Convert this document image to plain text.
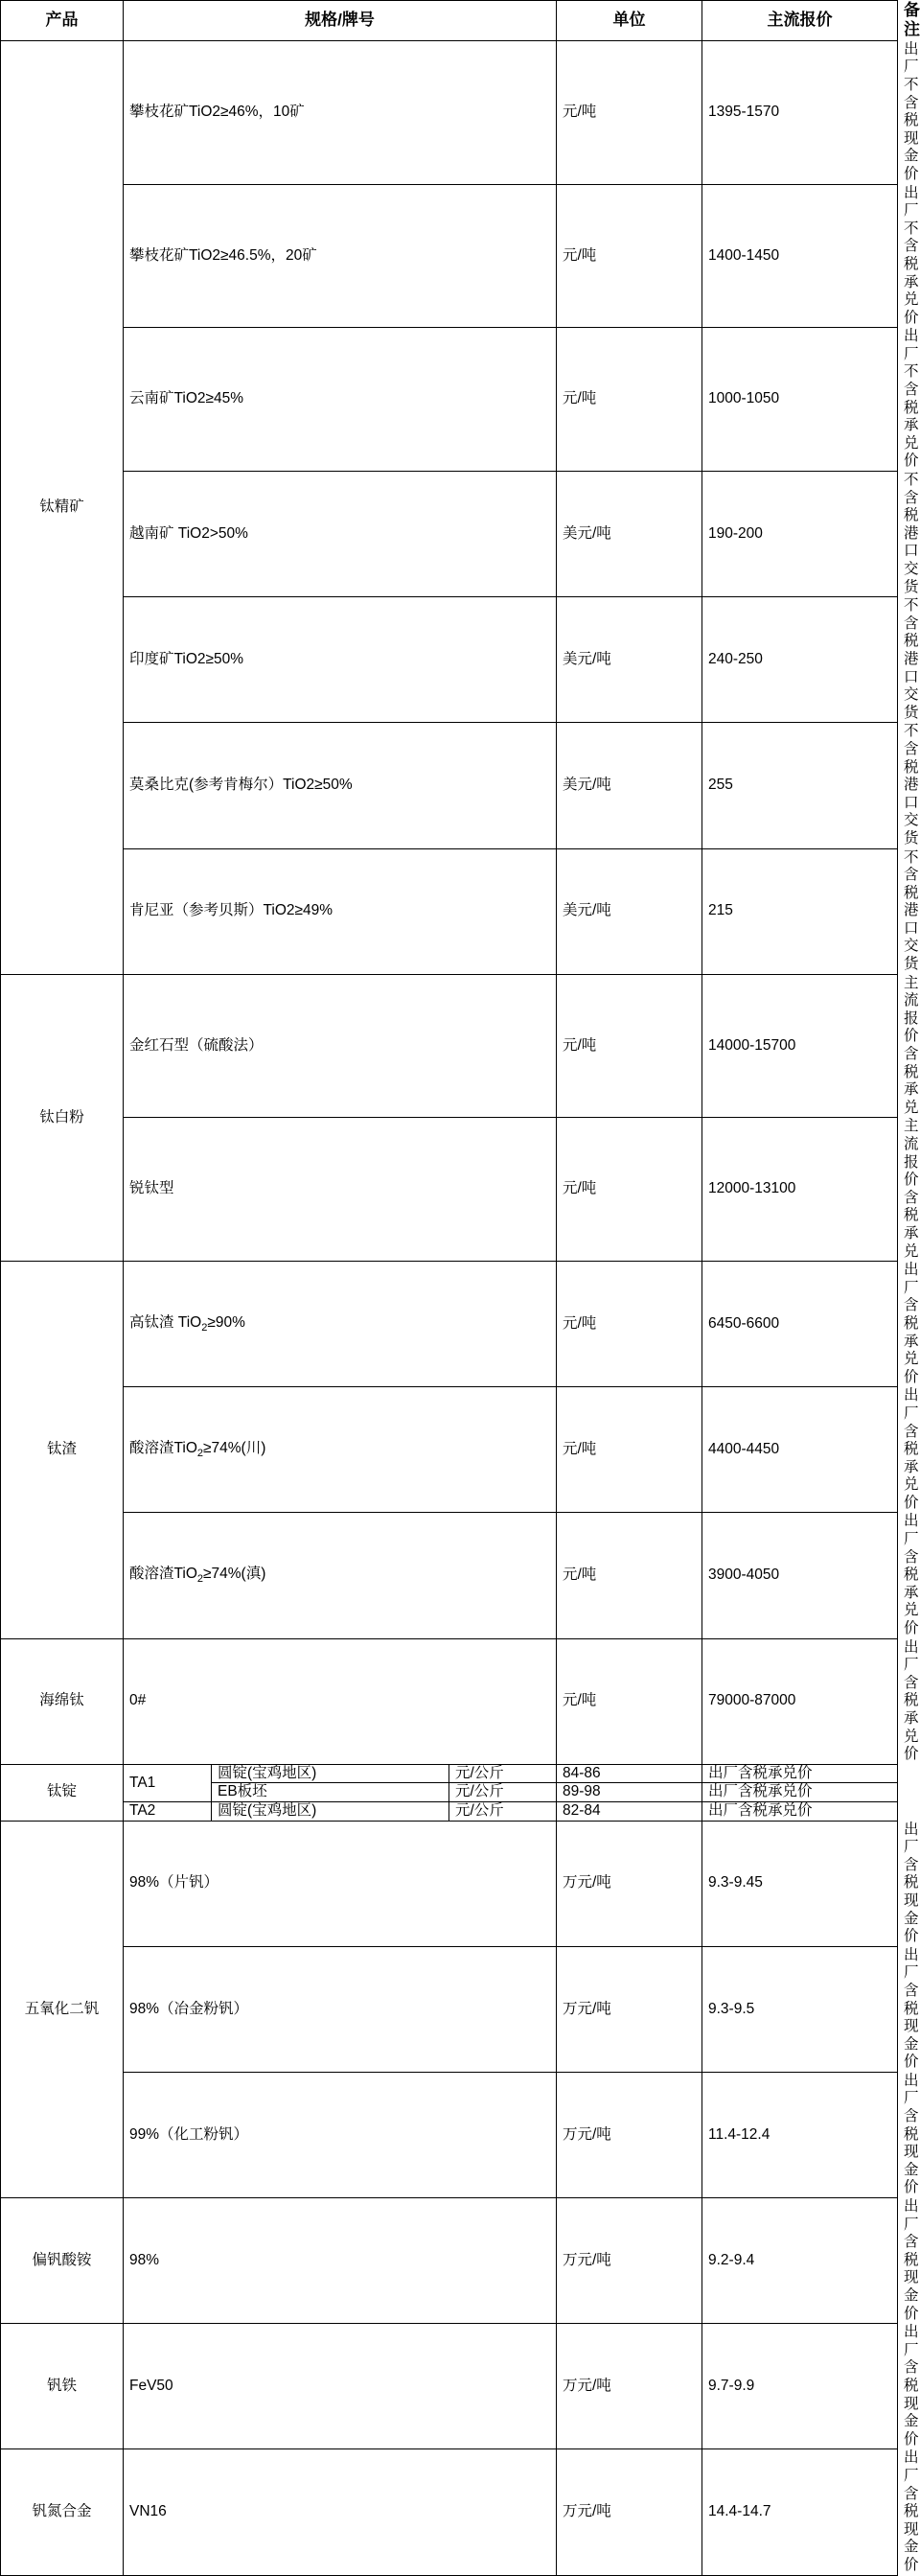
产品	规格/牌号			单位	主流报价	备注
钛精矿	攀枝花矿TiO2≥46%，10矿			元/吨	1395-1570	出厂不含税现金价
	攀枝花矿TiO2≥46.5%，20矿			元/吨	1400-1450	出厂不含税承兑价
	云南矿TiO2≥45%			元/吨	1000-1050	出厂不含税承兑价
	越南矿 TiO2>50%			美元/吨	190-200	不含税港口交货
	印度矿TiO2≥50%			美元/吨	240-250	不含税港口交货
	莫桑比克(参考肯梅尔）TiO2≥50%			美元/吨	255	不含税港口交货
	肯尼亚（参考贝斯）TiO2≥49%			美元/吨	215	不含税港口交货
钛白粉	金红石型（硫酸法）			元/吨	14000-15700	主流报价含税承兑
	锐钛型			元/吨	12000-13100	主流报价含税承兑
钛渣	高钛渣 TiO$_2$≥90%			元/吨	6450-6600	出厂含税承兑价
	酸溶渣TiO$_2$≥74%(川)			元/吨	4400-4450	出厂含税承兑价
	酸溶渣TiO$_2$≥74%(滇)			元/吨	3900-4050	出厂含税承兑价
海绵钛	0#			元/吨	79000-87000	出厂含税承兑价
钛锭	TA1	圆锭(宝鸡地区)	元/公斤	84-86	出厂含税承兑价	
		EB板坯	元/公斤	89-98	出厂含税承兑价	
	TA2	圆锭(宝鸡地区)	元/公斤	82-84	出厂含税承兑价	
五氧化二钒	98%（片钒）			万元/吨	9.3-9.45	出厂含税现金价
	98%（冶金粉钒）			万元/吨	9.3-9.5	出厂含税现金价
	99%（化工粉钒）			万元/吨	11.4-12.4	出厂含税现金价
偏钒酸铵	98%			万元/吨	9.2-9.4	出厂含税现金价
钒铁	FeV50			万元/吨	9.7-9.9	出厂含税现金价
钒氮合金	VN16			万元/吨	14.4-14.7	出厂含税现金价
